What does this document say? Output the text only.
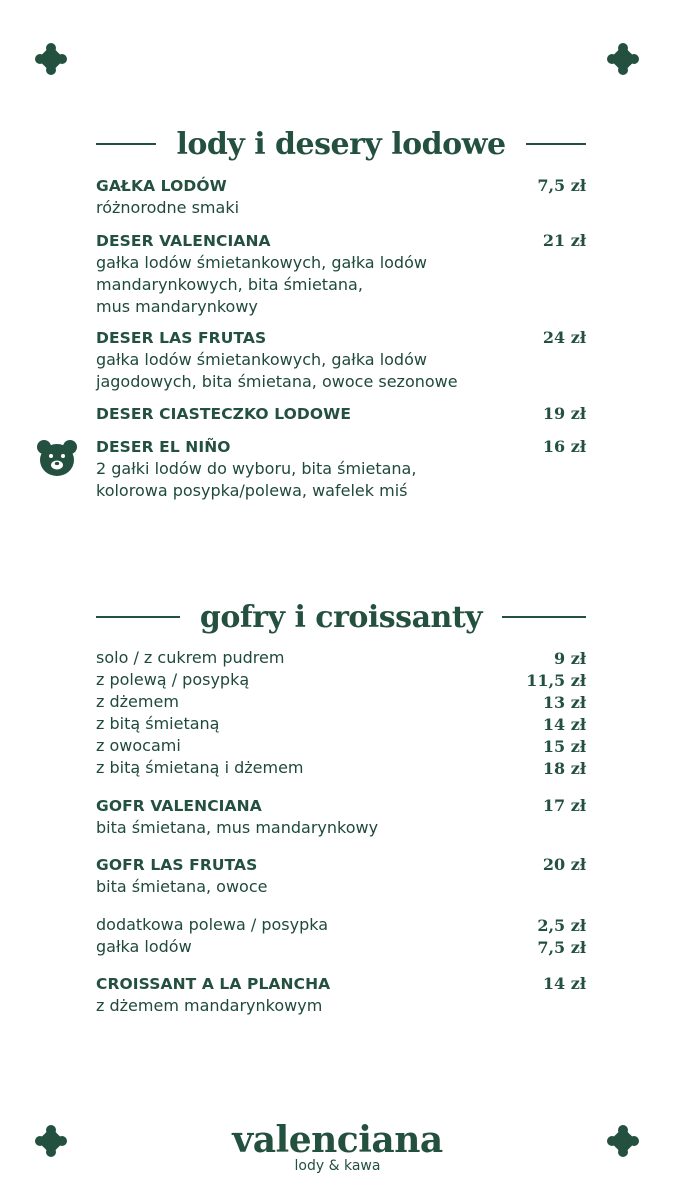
lody i desery lodowe
GAŁKA LODÓW	7,5 zł
różnorodne smaki
DESER VALENCIANA	21 zł
gałka lodów śmietankowych, gałka lodów
mandarynkowych, bita śmietana,
mus mandarynkowy
DESER LAS FRUTAS	24 zł
gałka lodów śmietankowych, gałka lodów
jagodowych, bita śmietana, owoce sezonowe
DESER CIASTECZKO LODOWE	19 zł
DESER EL NIÑO	16 zł
2 gałki lodów do wyboru, bita śmietana,
kolorowa posypka/polewa, wafelek miś
gofry i croissanty
solo / z cukrem pudrem	9 zł
z polewą / posypką	11,5 zł
z dżemem	13 zł
z bitą śmietaną	14 zł
z owocami	15 zł
z bitą śmietaną i dżemem	18 zł
GOFR VALENCIANA	17 zł
bita śmietana, mus mandarynkowy
GOFR LAS FRUTAS	20 zł
bita śmietana, owoce
dodatkowa polewa / posypka	2,5 zł
gałka lodów	7,5 zł
CROISSANT A LA PLANCHA	14 zł
z dżemem mandarynkowym
valenciana
lody & kawa
